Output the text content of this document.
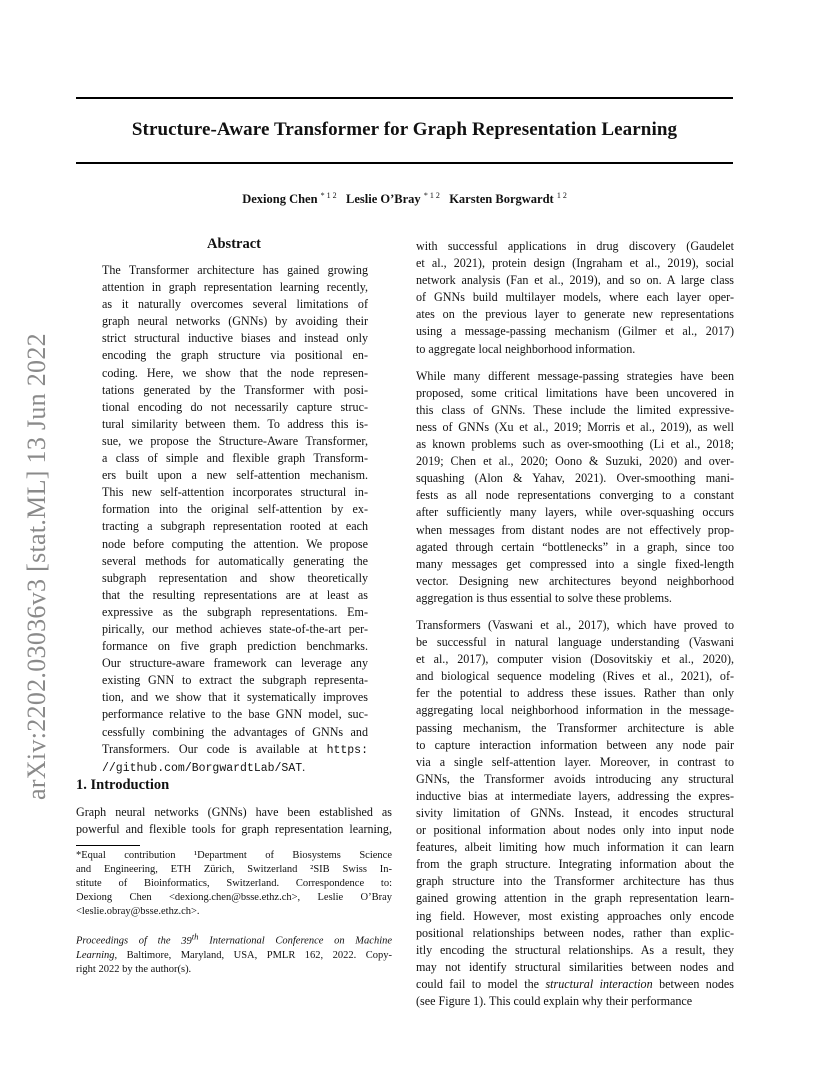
Structure-Aware Transformer for Graph Representation Learning
Dexiong Chen $^{* 1 2}$ Leslie O’Bray $^{* 1 2}$ Karsten Borgwardt $^{1 2}$
arXiv:2202.03036v3 [stat.ML] 13 Jun 2022
Abstract
The Transformer architecture has gained growing
attention in graph representation learning recently,
as it naturally overcomes several limitations of
graph neural networks (GNNs) by avoiding their
strict structural inductive biases and instead only
encoding the graph structure via positional en-
coding. Here, we show that the node represen-
tations generated by the Transformer with posi-
tional encoding do not necessarily capture struc-
tural similarity between them. To address this is-
sue, we propose the Structure-Aware Transformer,
a class of simple and flexible graph Transform-
ers built upon a new self-attention mechanism.
This new self-attention incorporates structural in-
formation into the original self-attention by ex-
tracting a subgraph representation rooted at each
node before computing the attention. We propose
several methods for automatically generating the
subgraph representation and show theoretically
that the resulting representations are at least as
expressive as the subgraph representations. Em-
pirically, our method achieves state-of-the-art per-
formance on five graph prediction benchmarks.
Our structure-aware framework can leverage any
existing GNN to extract the subgraph representa-
tion, and we show that it systematically improves
performance relative to the base GNN model, suc-
cessfully combining the advantages of GNNs and
Transformers. Our code is available at https:
//github.com/BorgwardtLab/SAT.
1. Introduction
Graph neural networks (GNNs) have been established as
powerful and flexible tools for graph representation learning,
*Equal contribution ¹Department of Biosystems Science
and Engineering, ETH Zürich, Switzerland ²SIB Swiss In-
stitute of Bioinformatics, Switzerland. Correspondence to:
Dexiong Chen <dexiong.chen@bsse.ethz.ch>, Leslie O’Bray
<leslie.obray@bsse.ethz.ch>.
Proceedings of the 39th International Conference on Machine
Learning, Baltimore, Maryland, USA, PMLR 162, 2022. Copy-
right 2022 by the author(s).
with successful applications in drug discovery (Gaudelet
et al., 2021), protein design (Ingraham et al., 2019), social
network analysis (Fan et al., 2019), and so on. A large class
of GNNs build multilayer models, where each layer oper-
ates on the previous layer to generate new representations
using a message-passing mechanism (Gilmer et al., 2017)
to aggregate local neighborhood information.
While many different message-passing strategies have been
proposed, some critical limitations have been uncovered in
this class of GNNs. These include the limited expressive-
ness of GNNs (Xu et al., 2019; Morris et al., 2019), as well
as known problems such as over-smoothing (Li et al., 2018;
2019; Chen et al., 2020; Oono & Suzuki, 2020) and over-
squashing (Alon & Yahav, 2021). Over-smoothing mani-
fests as all node representations converging to a constant
after sufficiently many layers, while over-squashing occurs
when messages from distant nodes are not effectively prop-
agated through certain “bottlenecks” in a graph, since too
many messages get compressed into a single fixed-length
vector. Designing new architectures beyond neighborhood
aggregation is thus essential to solve these problems.
Transformers (Vaswani et al., 2017), which have proved to
be successful in natural language understanding (Vaswani
et al., 2017), computer vision (Dosovitskiy et al., 2020),
and biological sequence modeling (Rives et al., 2021), of-
fer the potential to address these issues. Rather than only
aggregating local neighborhood information in the message-
passing mechanism, the Transformer architecture is able
to capture interaction information between any node pair
via a single self-attention layer. Moreover, in contrast to
GNNs, the Transformer avoids introducing any structural
inductive bias at intermediate layers, addressing the expres-
sivity limitation of GNNs. Instead, it encodes structural
or positional information about nodes only into input node
features, albeit limiting how much information it can learn
from the graph structure. Integrating information about the
graph structure into the Transformer architecture has thus
gained growing attention in the graph representation learn-
ing field. However, most existing approaches only encode
positional relationships between nodes, rather than explic-
itly encoding the structural relationships. As a result, they
may not identify structural similarities between nodes and
could fail to model the structural interaction between nodes
(see Figure 1). This could explain why their performance
